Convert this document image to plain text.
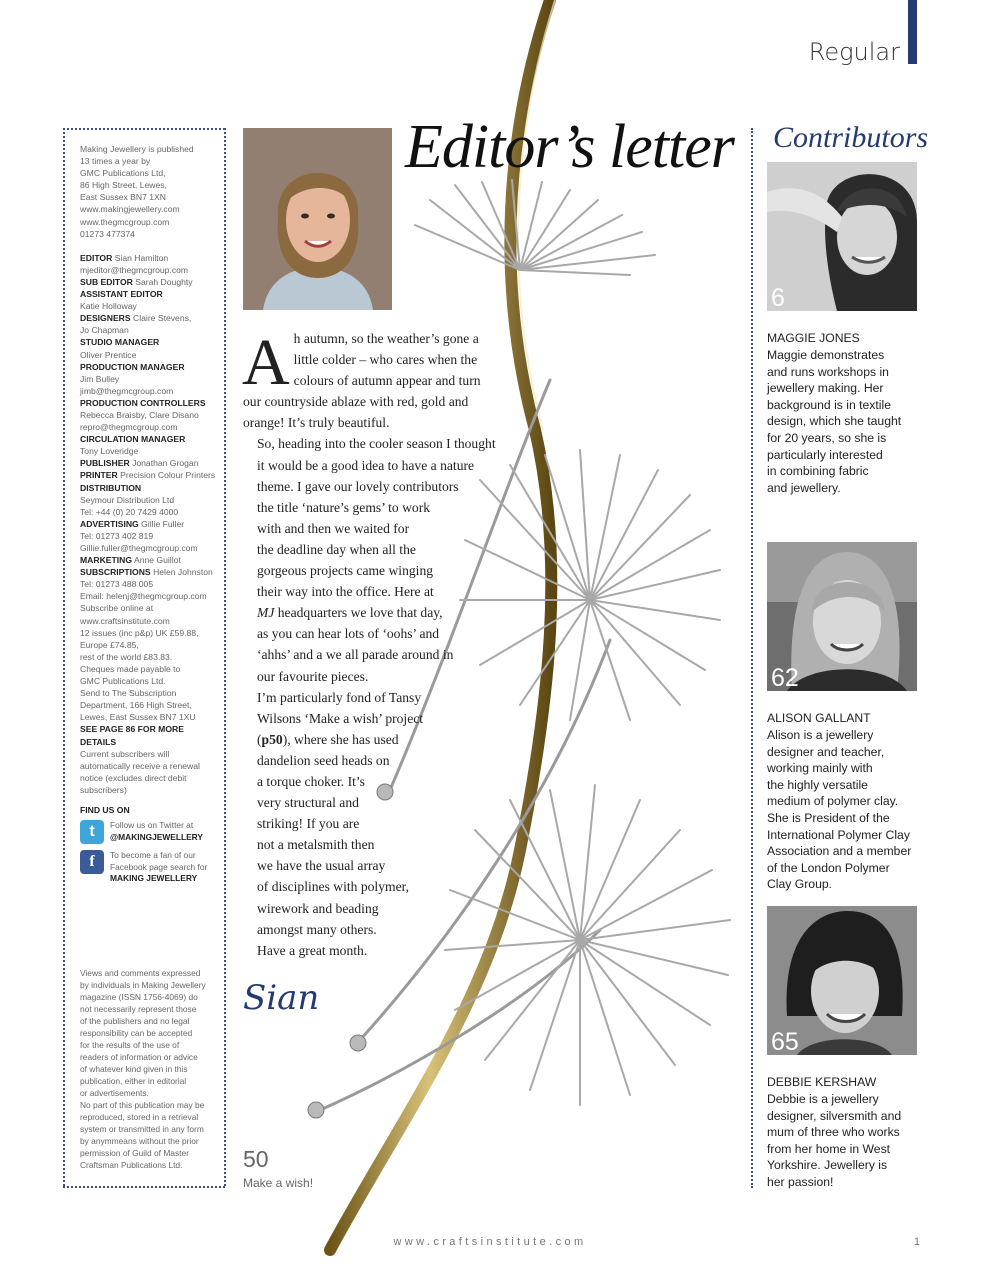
Regular
Making Jewellery is published
13 times a year by
GMC Publications Ltd,
86 High Street, Lewes,
East Sussex BN7 1XN
www.makingjewellery.com
www.thegmcgroup.com
01273 477374
EDITOR Sian Hamilton
mjeditor@thegmcgroup.com
SUB EDITOR Sarah Doughty
ASSISTANT EDITOR
Katie Holloway
DESIGNERS Claire Stevens,
Jo Chapman
STUDIO MANAGER
Oliver Prentice
PRODUCTION MANAGER
Jim Bulley
jimb@thegmcgroup.com
PRODUCTION CONTROLLERS
Rebecca Braisby, Clare Disano
repro@thegmcgroup.com
CIRCULATION MANAGER
Tony Loveridge
PUBLISHER Jonathan Grogan
PRINTER Precision Colour Printers
DISTRIBUTION
Seymour Distribution Ltd
Tel: +44 (0) 20 7429 4000
ADVERTISING Gillie Fuller
Tel: 01273 402 819
Gillie.fuller@thegmcgroup.com
MARKETING Anne Guillot
SUBSCRIPTIONS Helen Johnston
Tel: 01273 488 005
Email: helenj@thegmcgroup.com
Subscribe online at
www.craftsinstitute.com
12 issues (inc p&p) UK £59.88,
Europe £74.85,
rest of the world £83.83.
Cheques made payable to
GMC Publications Ltd.
Send to The Subscription
Department, 166 High Street,
Lewes, East Sussex BN7 1XU
SEE PAGE 86 FOR MORE
DETAILS
Current subscribers will
automatically receive a renewal
notice (excludes direct debit
subscribers)
FIND US ON
t	Follow us on Twitter at
@MAKINGJEWELLERY
f	To become a fan of our
Facebook page search for
MAKING JEWELLERY
Views and comments expressed
by individuals in Making Jewellery
magazine (ISSN 1756-4069) do
not necessarily represent those
of the publishers and no legal
responsibility can be accepted
for the results of the use of
readers of information or advice
of whatever kind given in this
publication, either in editorial
or advertisements.
No part of this publication may be
reproduced, stored in a retrieval
system or transmitted in any form
by anymmeans without the prior
permission of Guild of Master
Craftsman Publications Ltd.
Editor’s letter

A h autumn, so the weather’s gone a
little colder – who cares when the
colours of autumn appear and turn
our countryside ablaze with red, gold and
orange! It’s truly beautiful.

So, heading into the cooler season I thought
it would be a good idea to have a nature
theme. I gave our lovely contributors
the title ‘nature’s gems’ to work
with and then we waited for
the deadline day when all the
gorgeous projects came winging
their way into the office. Here at
MJ headquarters we love that day,
as you can hear lots of ‘oohs’ and
‘ahhs’ and a we all parade around in
our favourite pieces.

I’m particularly fond of Tansy
Wilsons ‘Make a wish’ project
(p50), where she has used
dandelion seed heads on
a torque choker. It’s
very structural and
striking! If you are
not a metalsmith then
we have the usual array
of disciplines with polymer,
wirework and beading
amongst many others.

Have a great month.

Sian
50
Make a wish!
Contributors
6
MAGGIE JONES
Maggie demonstrates
and runs workshops in
jewellery making. Her
background is in textile
design, which she taught
for 20 years, so she is
particularly interested
in combining fabric
and jewellery.
62
ALISON GALLANT
Alison is a jewellery
designer and teacher,
working mainly with
the highly versatile
medium of polymer clay.
She is President of the
International Polymer Clay
Association and a member
of the London Polymer
Clay Group.
65
DEBBIE KERSHAW
Debbie is a jewellery
designer, silversmith and
mum of three who works
from her home in West
Yorkshire. Jewellery is
her passion!
www.craftsinstitute.com	1
